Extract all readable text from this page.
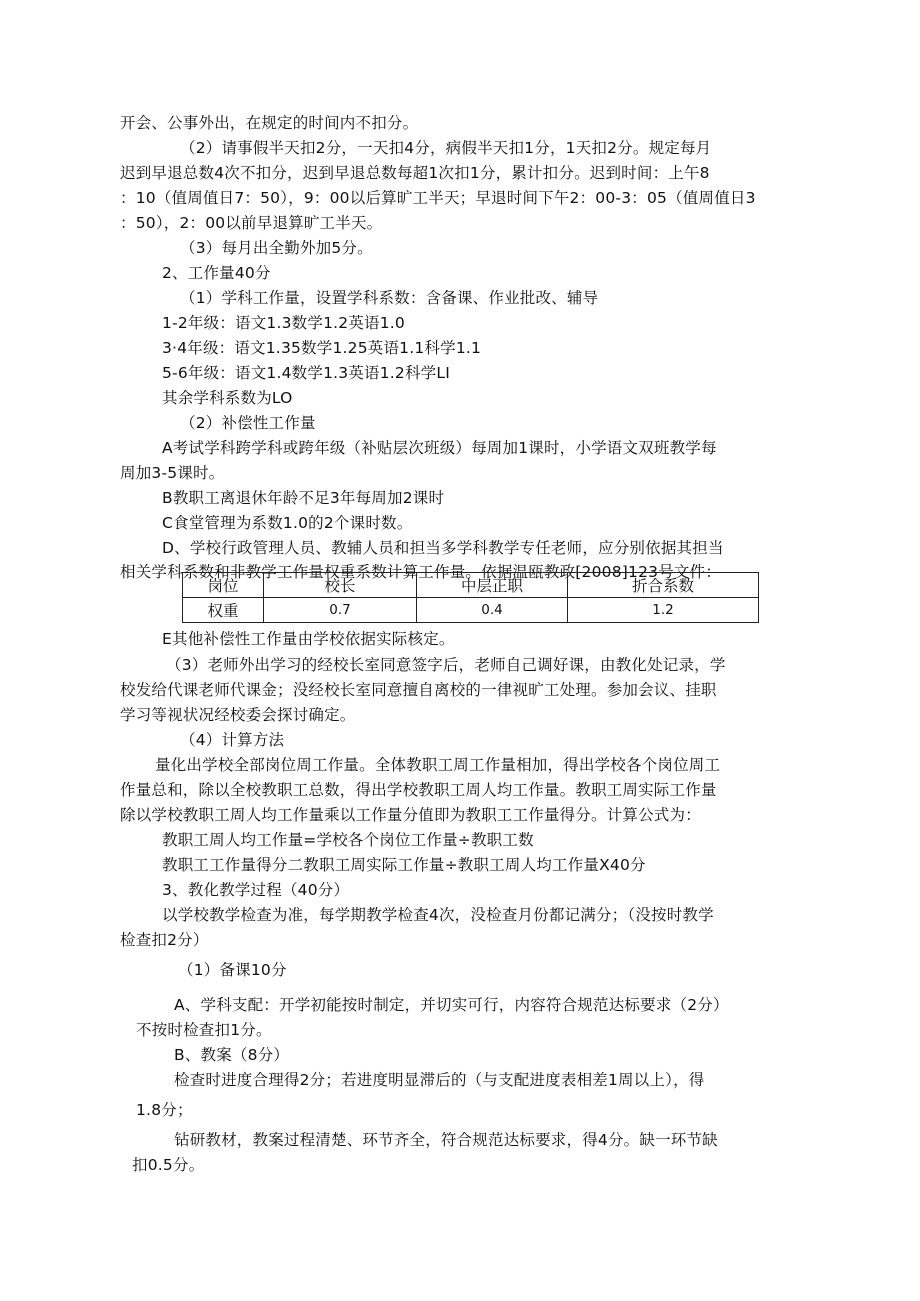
开会、公事外出，在规定的时间内不扣分。
（2）请事假半天扣2分，一天扣4分，病假半天扣1分，1天扣2分。规定每月
迟到早退总数4次不扣分，迟到早退总数每超1次扣1分，累计扣分。迟到时间：上午8
：10（值周值日7：50），9：00以后算旷工半天；早退时间下午2：00-3：05（值周值日3
：50），2：00以前早退算旷工半天。
（3）每月出全勤外加5分。
2、工作量40分
（1）学科工作量，设置学科系数：含备课、作业批改、辅导
1-2年级：语文1.3数学1.2英语1.0
3·4年级：语文1.35数学1.25英语1.1科学1.1
5-6年级：语文1.4数学1.3英语1.2科学LI
其余学科系数为LO
（2）补偿性工作量
A考试学科跨学科或跨年级（补贴层次班级）每周加1课时，小学语文双班教学每
周加3-5课时。
B教职工离退休年龄不足3年每周加2课时
C食堂管理为系数1.0的2个课时数。
D、学校行政管理人员、教辅人员和担当多学科教学专任老师，应分别依据其担当
相关学科系数和非教学工作量权重系数计算工作量。依据温瓯教政[2008]123号文件：
岗位	校长	中层正职	折合系数
权重	0.7	0.4	1.2
E其他补偿性工作量由学校依据实际核定。
（3）老师外出学习的经校长室同意签字后，老师自己调好课，由教化处记录，学
校发给代课老师代课金；没经校长室同意擅自离校的一律视旷工处理。参加会议、挂职
学习等视状况经校委会探讨确定。
（4）计算方法
量化出学校全部岗位周工作量。全体教职工周工作量相加，得出学校各个岗位周工
作量总和，除以全校教职工总数，得出学校教职工周人均工作量。教职工周实际工作量
除以学校教职工周人均工作量乘以工作量分值即为教职工工作量得分。计算公式为：
教职工周人均工作量=学校各个岗位工作量÷教职工数
教职工工作量得分二教职工周实际工作量÷教职工周人均工作量X40分
3、教化教学过程（40分）
以学校教学检查为准，每学期教学检查4次，没检查月份都记满分；（没按时教学
检查扣2分）
（1）备课10分
A、学科支配：开学初能按时制定，并切实可行，内容符合规范达标要求（2分）
不按时检查扣1分。
B、教案（8分）
检查时进度合理得2分；若进度明显滞后的（与支配进度表相差1周以上），得
1.8分；
钻研教材，教案过程清楚、环节齐全，符合规范达标要求，得4分。缺一环节缺
扣0.5分。
